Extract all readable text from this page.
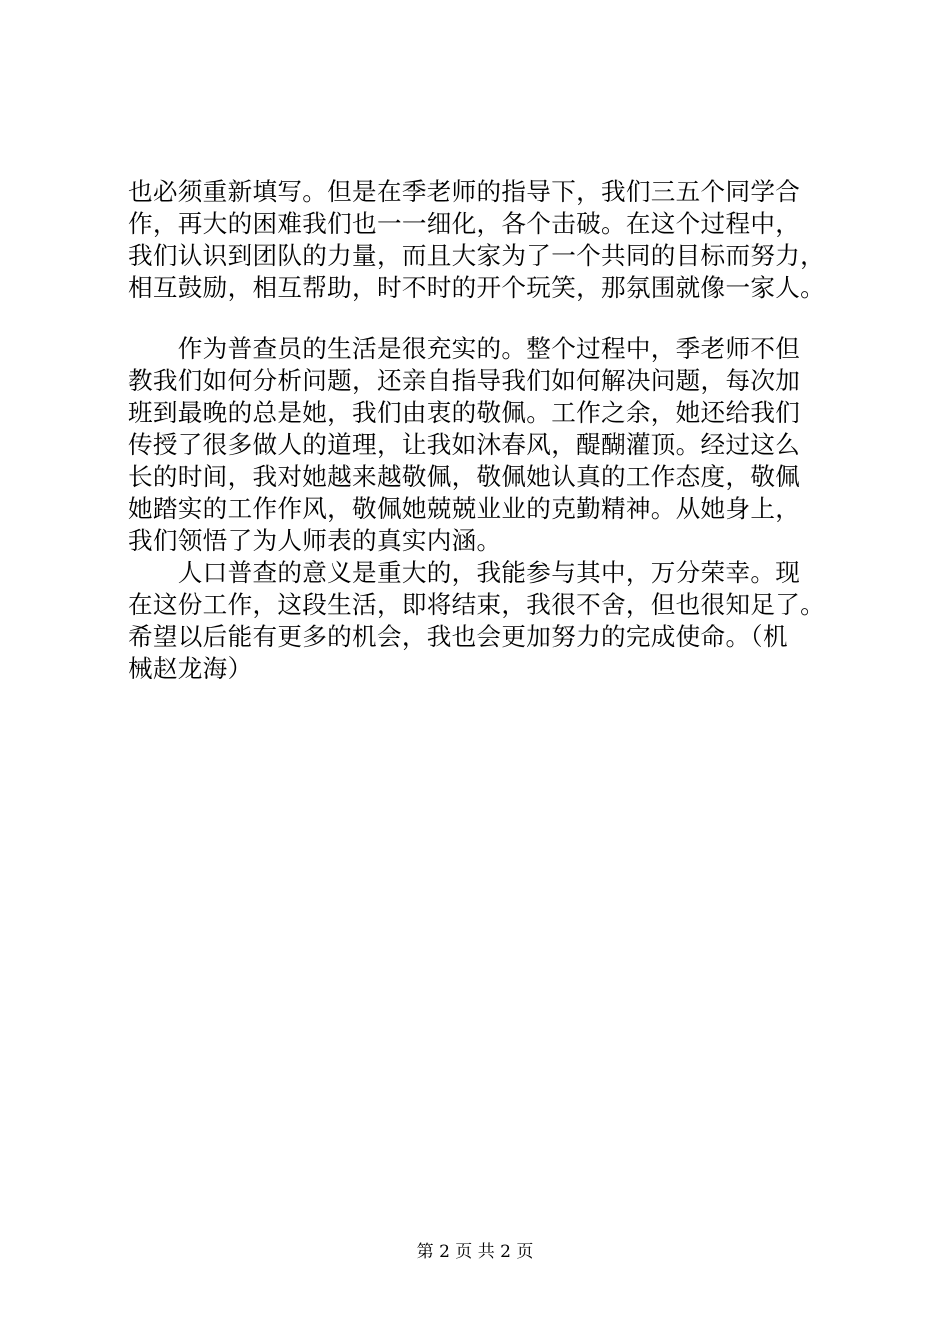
也必须重新填写。但是在季老师的指导下，我们三五个同学合
作，再大的困难我们也一一细化，各个击破。在这个过程中，
我们认识到团队的力量，而且大家为了一个共同的目标而努力，
相互鼓励，相互帮助，时不时的开个玩笑，那氛围就像一家人。
　　作为普查员的生活是很充实的。整个过程中，季老师不但
教我们如何分析问题，还亲自指导我们如何解决问题，每次加
班到最晚的总是她，我们由衷的敬佩。工作之余，她还给我们
传授了很多做人的道理，让我如沐春风，醍醐灌顶。经过这么
长的时间，我对她越来越敬佩，敬佩她认真的工作态度，敬佩
她踏实的工作作风，敬佩她兢兢业业的克勤精神。从她身上，
我们领悟了为人师表的真实内涵。
　　人口普查的意义是重大的，我能参与其中，万分荣幸。现
在这份工作，这段生活，即将结束，我很不舍，但也很知足了。
希望以后能有更多的机会，我也会更加努力的完成使命。（机
械赵龙海）
第 2 页 共 2 页
